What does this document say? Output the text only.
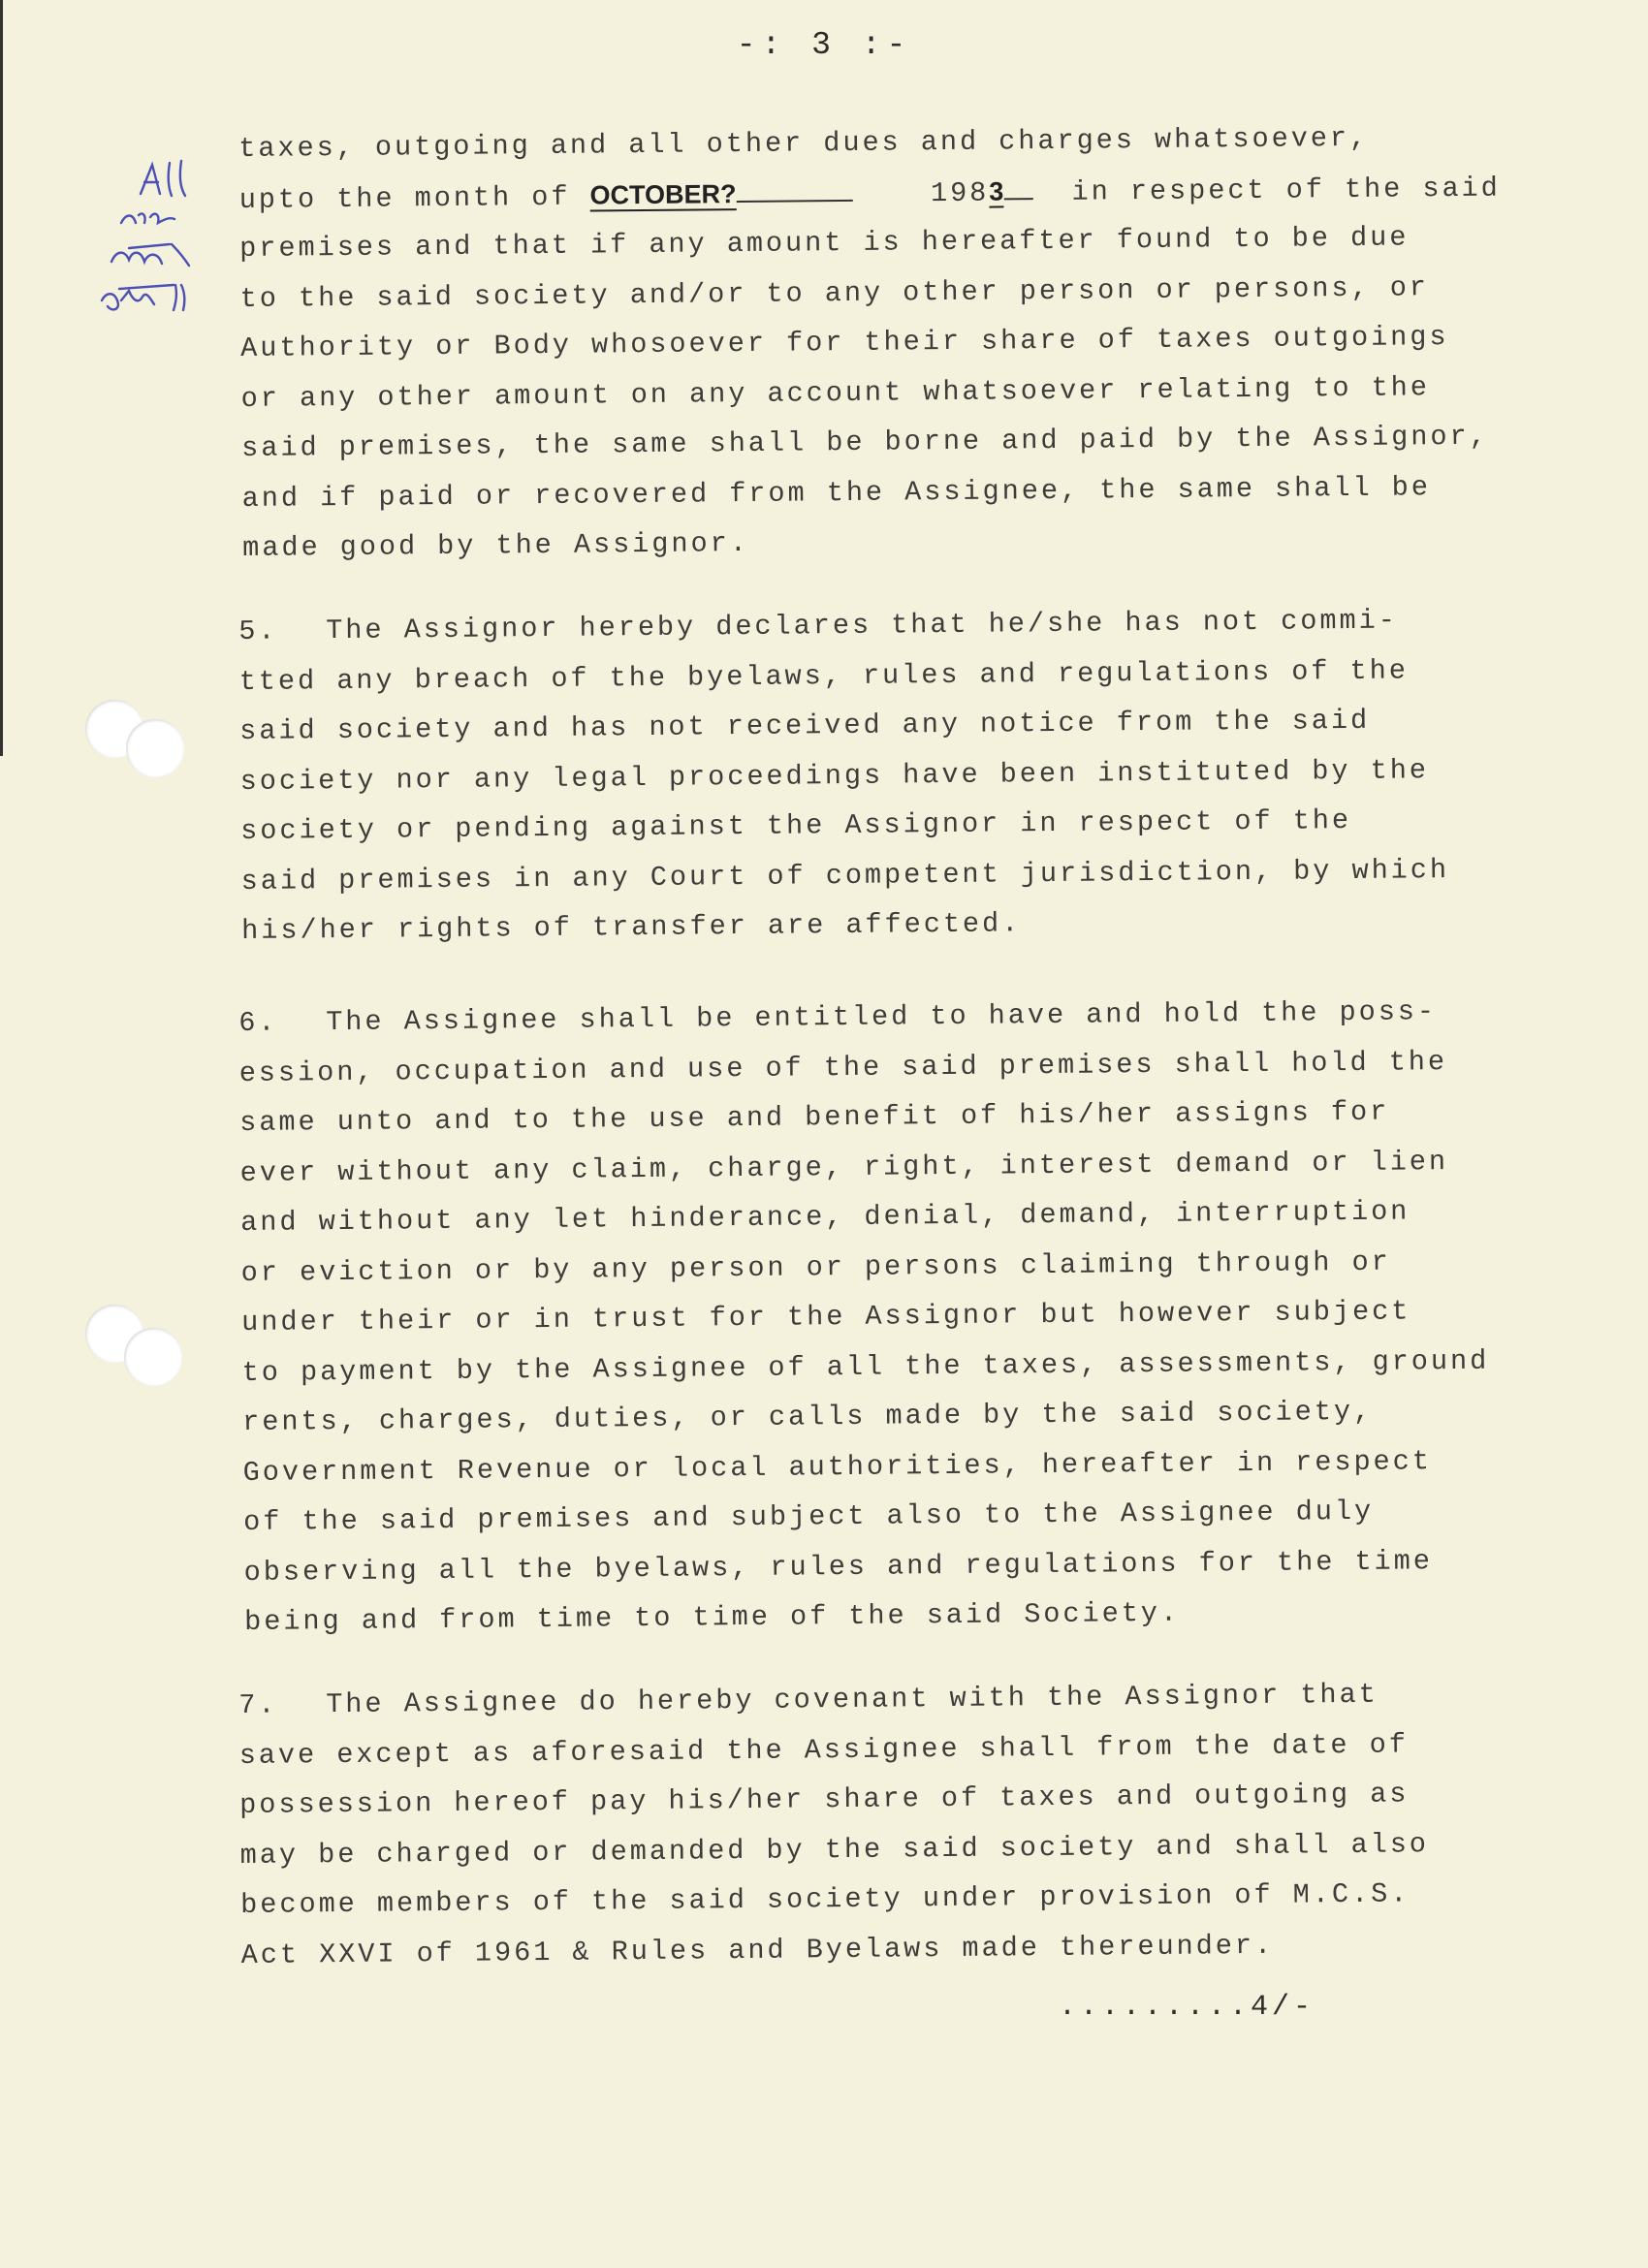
-: 3 :-
taxes, outgoing and all other dues and charges whatsoever,
upto the month of OCTOBER?	1983 in respect of the said
premises and that if any amount is hereafter found to be due
to the said society and/or to any other person or persons, or
Authority or Body whosoever for their share of taxes outgoings
or any other amount on any account whatsoever relating to the
said premises, the same shall be borne and paid by the Assignor,
and if paid or recovered from the Assignee, the same shall be
made good by the Assignor.
5. The Assignor hereby declares that he/she has not commi-
tted any breach of the byelaws, rules and regulations of the
said society and has not received any notice from the said
society nor any legal proceedings have been instituted by the
society or pending against the Assignor in respect of the
said premises in any Court of competent jurisdiction, by which
his/her rights of transfer are affected.
6. The Assignee shall be entitled to have and hold the poss-
ession, occupation and use of the said premises shall hold the
same unto and to the use and benefit of his/her assigns for
ever without any claim, charge, right, interest demand or lien
and without any let hinderance, denial, demand, interruption
or eviction or by any person or persons claiming through or
under their or in trust for the Assignor but however subject
to payment by the Assignee of all the taxes, assessments, ground
rents, charges, duties, or calls made by the said society,
Government Revenue or local authorities, hereafter in respect
of the said premises and subject also to the Assignee duly
observing all the byelaws, rules and regulations for the time
being and from time to time of the said Society.
7. The Assignee do hereby covenant with the Assignor that
save except as aforesaid the Assignee shall from the date of
possession hereof pay his/her share of taxes and outgoing as
may be charged or demanded by the said society and shall also
become members of the said society under provision of M.C.S.
Act XXVI of 1961 & Rules and Byelaws made thereunder.
.........4/-
